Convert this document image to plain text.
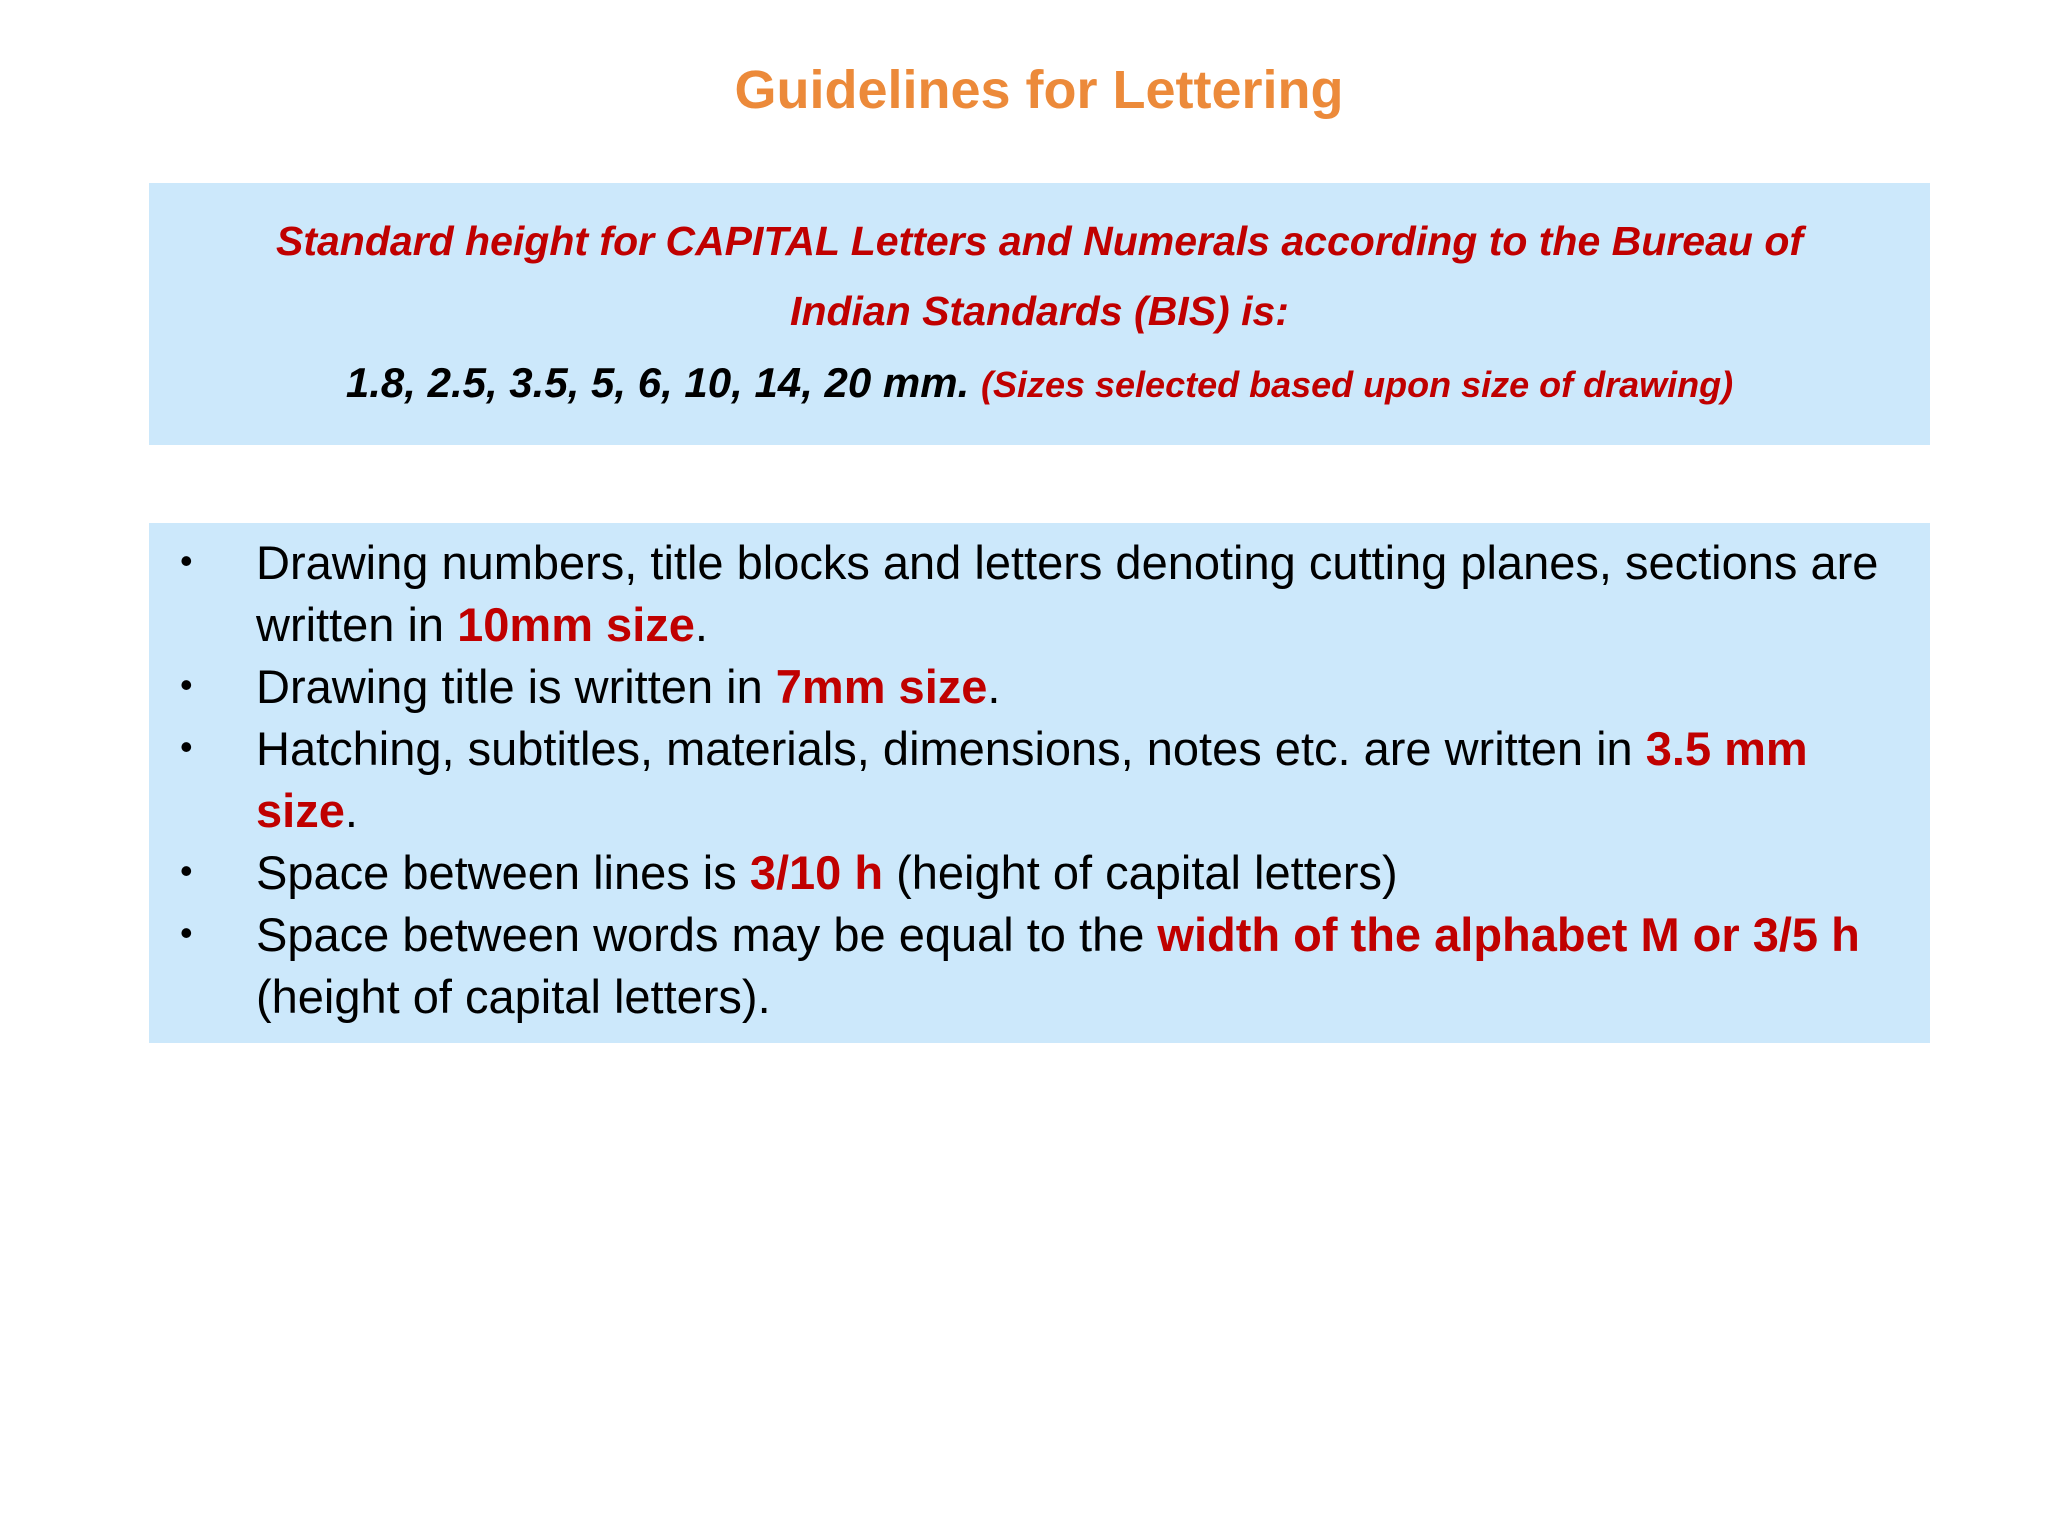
Guidelines for Lettering
Standard height for CAPITAL Letters and Numerals according to the Bureau of
Indian Standards (BIS) is:
1.8, 2.5, 3.5, 5, 6, 10, 14, 20 mm. (Sizes selected based upon size of drawing)
• Drawing numbers, title blocks and letters denoting cutting planes, sections are written in 10mm size.
• Drawing title is written in 7mm size.
• Hatching, subtitles, materials, dimensions, notes etc. are written in 3.5 mm size.
• Space between lines is 3/10 h (height of capital letters)
• Space between words may be equal to the width of the alphabet M or 3/5 h (height of capital letters).
